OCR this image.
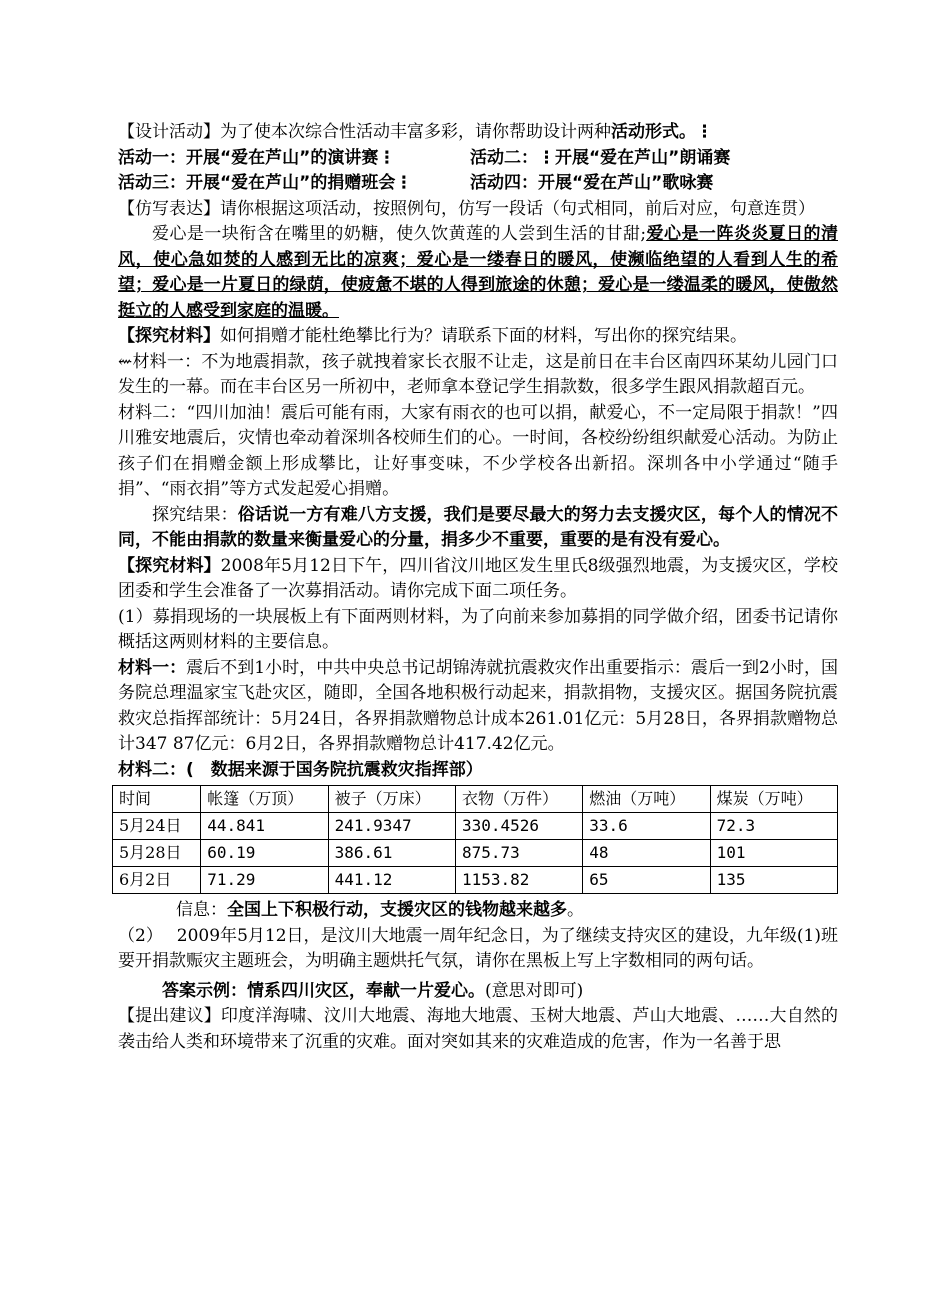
【设计活动】为了使本次综合性活动丰富多彩，请你帮助设计两种活动形式。⋮

活动一：开展“爱在芦山”的演讲赛⋮	活动二：⋮开展“爱在芦山”朗诵赛
活动三：开展“爱在芦山”的捐赠班会⋮	活动四：开展“爱在芦山”歌咏赛

【仿写表达】请你根据这项活动，按照例句，仿写一段话（句式相同，前后对应，句意连贯）

爱心是一块衔含在嘴里的奶糖，使久饮黄莲的人尝到生活的甘甜;爱心是一阵炎炎夏日的清风，使心急如焚的人感到无比的凉爽；爱心是一缕春日的暖风，使濒临绝望的人看到人生的希望；爱心是一片夏日的绿荫，使疲惫不堪的人得到旅途的休憩；爱心是一缕温柔的暖风，使傲然挺立的人感受到家庭的温暖。

【探究材料】如何捐赠才能杜绝攀比行为？请联系下面的材料，写出你的探究结果。

⇜材料一：不为地震捐款，孩子就拽着家长衣服不让走，这是前日在丰台区南四环某幼儿园门口发生的一幕。而在丰台区另一所初中，老师拿本登记学生捐款数，很多学生跟风捐款超百元。

材料二：“四川加油！震后可能有雨，大家有雨衣的也可以捐，献爱心，不一定局限于捐款！”四川雅安地震后，灾情也牵动着深圳各校师生们的心。一时间，各校纷纷组织献爱心活动。为防止孩子们在捐赠金额上形成攀比，让好事变味，不少学校各出新招。深圳各中小学通过“随手捐”、“雨衣捐”等方式发起爱心捐赠。

探究结果：俗话说一方有难八方支援，我们是要尽最大的努力去支援灾区，每个人的情况不同，不能由捐款的数量来衡量爱心的分量，捐多少不重要，重要的是有没有爱心。

【探究材料】2008年5月12日下午，四川省汶川地区发生里氏8级强烈地震，为支援灾区，学校团委和学生会准备了一次募捐活动。请你完成下面二项任务。

(1）募捐现场的一块展板上有下面两则材料，为了向前来参加募捐的同学做介绍，团委书记请你概括这两则材料的主要信息。

材料一：震后不到1小时，中共中央总书记胡锦涛就抗震救灾作出重要指示：震后一到2小时，国务院总理温家宝飞赴灾区，随即，全国各地积极行动起来，捐款捐物，支援灾区。据国务院抗震救灾总指挥部统计：5月24日，各界捐款赠物总计成本261.01亿元：5月28日，各界捐款赠物总计347 87亿元：6月2日，各界捐款赠物总计417.42亿元。

材料二：(　数据来源于国务院抗震救灾指挥部）

时间	帐篷（万顶）	被子（万床）	衣物（万件）	燃油（万吨）	煤炭（万吨）
5月24日	44.841	241.9347	330.4526	33.6	72.3
5月28日	60.19	386.61	875.73	48	101
6月2日	71.29	441.12	1153.82	65	135

信息：全国上下积极行动，支援灾区的钱物越来越多。

（2）　 2009年5月12日，是汶川大地震一周年纪念日，为了继续支持灾区的建设，九年级(1)班要开捐款赈灾主题班会，为明确主题烘托气氛，请你在黑板上写上字数相同的两句话。

答案示例：情系四川灾区，奉献一片爱心。(意思对即可)

【提出建议】印度洋海啸、汶川大地震、海地大地震、玉树大地震、芦山大地震、……大自然的袭击给人类和环境带来了沉重的灾难。面对突如其来的灾难造成的危害，作为一名善于思
